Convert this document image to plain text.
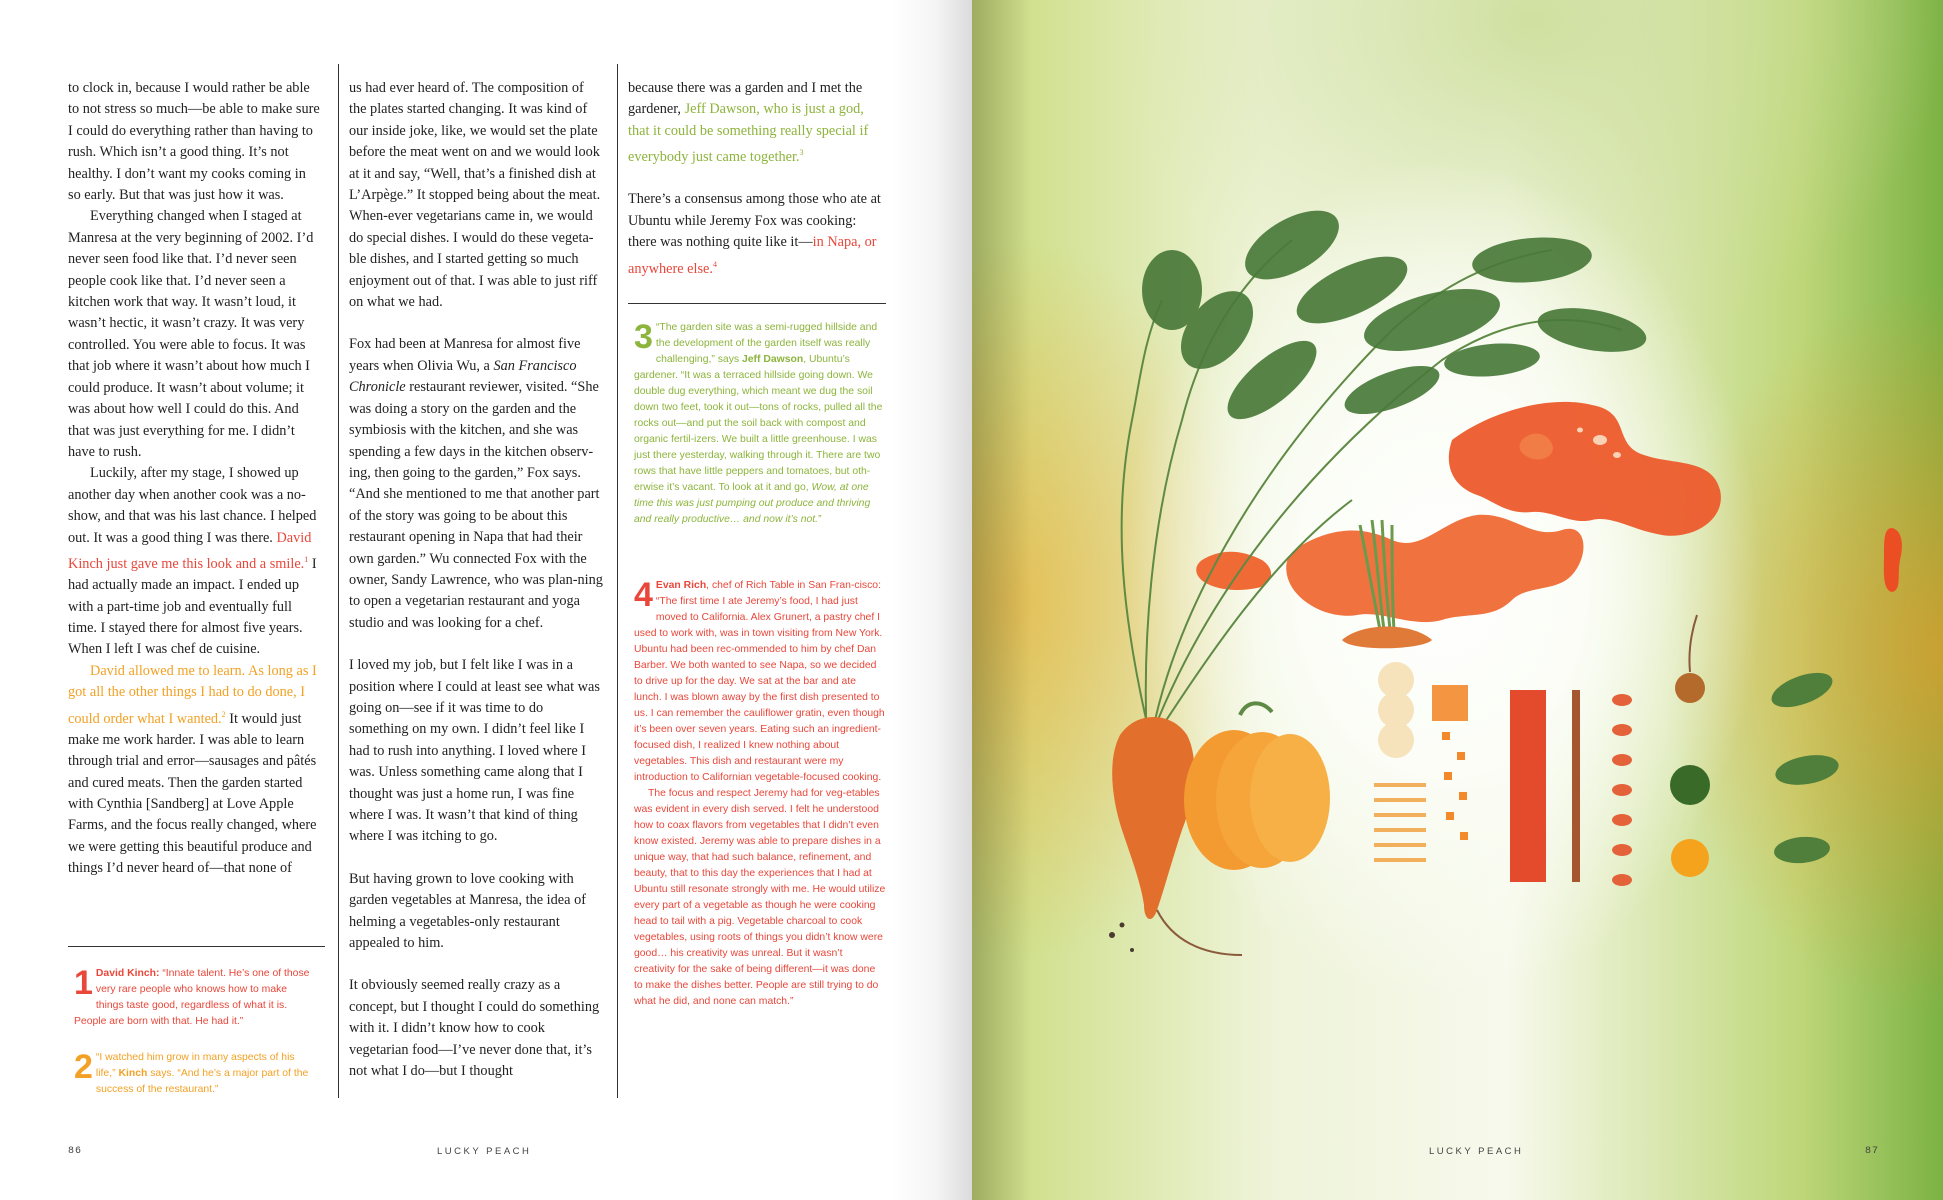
to clock in, because I would rather be able to not stress so much—be able to make sure I could do everything rather than having to rush. Which isn’t a good thing. It’s not healthy. I don’t want my cooks coming in so early. But that was just how it was.

Everything changed when I staged at Manresa at the very beginning of 2002. I’d never seen food like that. I’d never seen people cook like that. I’d never seen a kitchen work that way. It wasn’t loud, it wasn’t hectic, it wasn’t crazy. It was very controlled. You were able to focus. It was that job where it wasn’t about how much I could produce. It wasn’t about volume; it was about how well I could do this. And that was just everything for me. I didn’t have to rush.

Luckily, after my stage, I showed up another day when another cook was a no-show, and that was his last chance. I helped out. It was a good thing I was there. David Kinch just gave me this look and a smile.$^1$ I had actually made an impact. I ended up with a part-time job and eventually full time. I stayed there for almost five years. When I left I was chef de cuisine.

David allowed me to learn. As long as I got all the other things I had to do done, I could order what I wanted.$^2$ It would just make me work harder. I was able to learn through trial and error—sausages and pâtés and cured meats. Then the garden started with Cynthia [Sandberg] at Love Apple Farms, and the focus really changed, where we were getting this beautiful produce and things I’d never heard of—that none of

1 David Kinch: “Innate talent. He’s one of those very rare people who knows how to make things taste good, regardless of what it is. People are born with that. He had it.”

2 “I watched him grow in many aspects of his life,” Kinch says. “And he’s a major part of the success of the restaurant.”

us had ever heard of. The composition of the plates started changing. It was kind of our inside joke, like, we would set the plate before the meat went on and we would look at it and say, “Well, that’s a finished dish at L’Arpège.” It stopped being about the meat. When-ever vegetarians came in, we would do special dishes. I would do these vegeta-ble dishes, and I started getting so much enjoyment out of that. I was able to just riff on what we had.

Fox had been at Manresa for almost five years when Olivia Wu, a San Francisco Chronicle restaurant reviewer, visited. “She was doing a story on the garden and the symbiosis with the kitchen, and she was spending a few days in the kitchen observ-ing, then going to the garden,” Fox says. “And she mentioned to me that another part of the story was going to be about this restaurant opening in Napa that had their own garden.” Wu connected Fox with the owner, Sandy Lawrence, who was plan-ning to open a vegetarian restaurant and yoga studio and was looking for a chef.

I loved my job, but I felt like I was in a position where I could at least see what was going on—see if it was time to do something on my own. I didn’t feel like I had to rush into anything. I loved where I was. Unless something came along that I thought was just a home run, I was fine where I was. It wasn’t that kind of thing where I was itching to go.

But having grown to love cooking with garden vegetables at Manresa, the idea of helming a vegetables-only restaurant appealed to him.

It obviously seemed really crazy as a concept, but I thought I could do something with it. I didn’t know how to cook vegetarian food—I’ve never done that, it’s not what I do—but I thought

because there was a garden and I met the gardener, Jeff Dawson, who is just a god, that it could be something really special if everybody just came together.$^3$

There’s a consensus among those who ate at Ubuntu while Jeremy Fox was cooking: there was nothing quite like it—in Napa, or anywhere else.$^4$

3 “The garden site was a semi-rugged hillside and the development of the garden itself was really challenging,” says Jeff Dawson, Ubuntu’s gardener. “It was a terraced hillside going down. We double dug everything, which meant we dug the soil down two feet, took it out—tons of rocks, pulled all the rocks out—and put the soil back with compost and organic fertil-izers. We built a little greenhouse. I was just there yesterday, walking through it. There are two rows that have little peppers and tomatoes, but oth-erwise it’s vacant. To look at it and go, Wow, at one time this was just pumping out produce and thriving and really productive… and now it’s not.”

4 Evan Rich, chef of Rich Table in San Fran-cisco: “The first time I ate Jeremy’s food, I had just moved to California. Alex Grunert, a pastry chef I used to work with, was in town visiting from New York. Ubuntu had been rec-ommended to him by chef Dan Barber. We both wanted to see Napa, so we decided to drive up for the day. We sat at the bar and ate lunch. I was blown away by the first dish presented to us. I can remember the cauliflower gratin, even though it’s been over seven years. Eating such an ingredient-focused dish, I realized I knew nothing about vegetables. This dish and restaurant were my introduction to Californian vegetable-focused cooking.

The focus and respect Jeremy had for veg-etables was evident in every dish served. I felt he understood how to coax flavors from vegetables that I didn’t even know existed. Jeremy was able to prepare dishes in a unique way, that had such balance, refinement, and beauty, that to this day the experiences that I had at Ubuntu still resonate strongly with me. He would utilize every part of a vegetable as though he were cooking head to tail with a pig. Vegetable charcoal to cook vegetables, using roots of things you didn’t know were good… his creativity was unreal. But it wasn’t creativity for the sake of being different—it was done to make the dishes better. People are still trying to do what he did, and none can match.”

86	LUCKY PEACH	LUCKY PEACH	87
